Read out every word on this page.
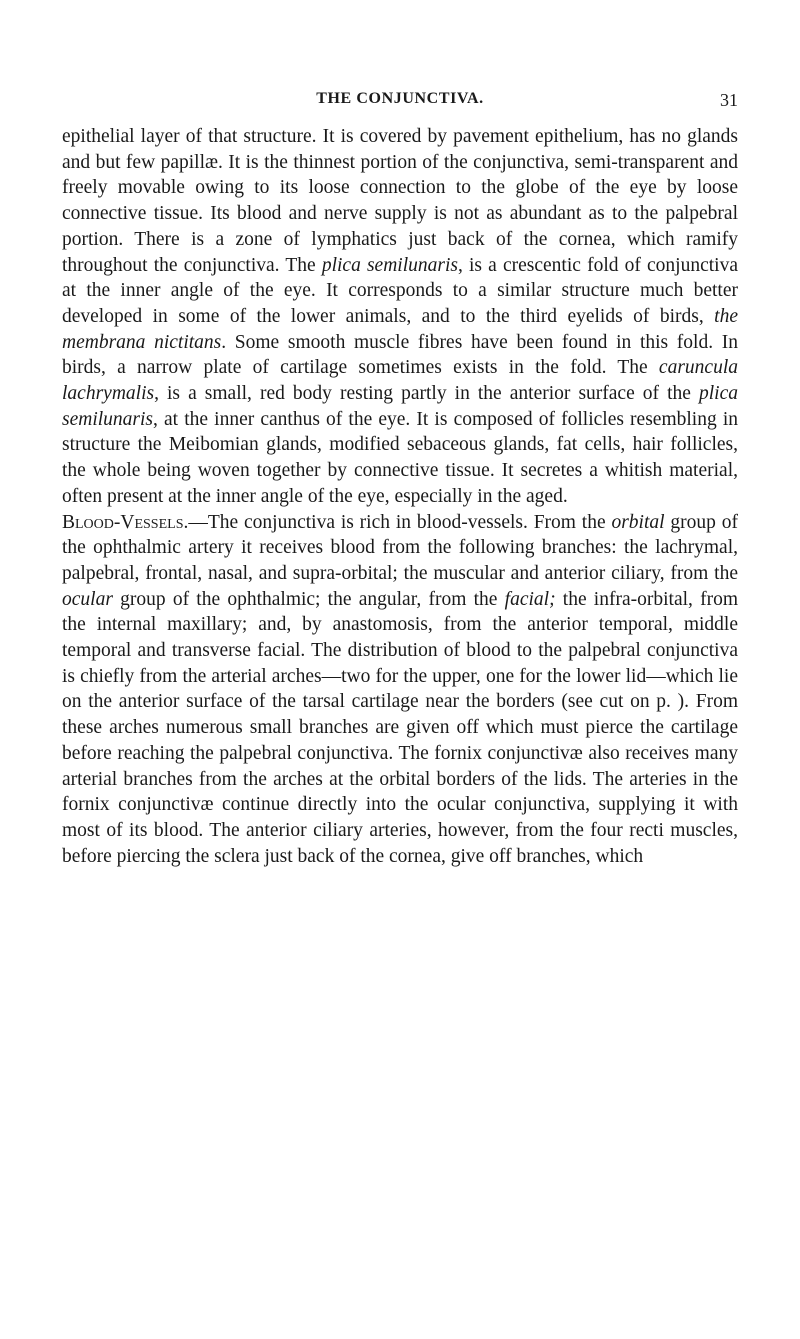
THE CONJUNCTIVA.	31

epithelial layer of that structure. It is covered by pavement epithelium, has no glands and but few papillæ. It is the thinnest portion of the conjunctiva, semi-transparent and freely movable owing to its loose connection to the globe of the eye by loose connective tissue. Its blood and nerve supply is not as abundant as to the palpebral portion. There is a zone of lymphatics just back of the cornea, which ramify throughout the conjunctiva. The plica semilunaris, is a crescentic fold of conjunctiva at the inner angle of the eye. It corresponds to a similar structure much better developed in some of the lower animals, and to the third eyelids of birds, the membrana nictitans. Some smooth muscle fibres have been found in this fold. In birds, a narrow plate of cartilage sometimes exists in the fold. The caruncula lachrymalis, is a small, red body resting partly in the anterior surface of the plica semilunaris, at the inner canthus of the eye. It is composed of follicles resembling in structure the Meibomian glands, modified sebaceous glands, fat cells, hair follicles, the whole being woven together by connective tissue. It secretes a whitish material, often present at the inner angle of the eye, especially in the aged.

Blood-Vessels.—The conjunctiva is rich in blood-vessels. From the orbital group of the ophthalmic artery it receives blood from the following branches: the lachrymal, palpebral, frontal, nasal, and supra-orbital; the muscular and anterior ciliary, from the ocular group of the ophthalmic; the angular, from the facial; the infra-orbital, from the internal maxillary; and, by anastomosis, from the anterior temporal, middle temporal and transverse facial. The distribution of blood to the palpebral conjunctiva is chiefly from the arterial arches—two for the upper, one for the lower lid—which lie on the anterior surface of the tarsal cartilage near the borders (see cut on p. ). From these arches numerous small branches are given off which must pierce the cartilage before reaching the palpebral conjunctiva. The fornix conjunctivæ also receives many arterial branches from the arches at the orbital borders of the lids. The arteries in the fornix conjunctivæ continue directly into the ocular conjunctiva, supplying it with most of its blood. The anterior ciliary arteries, however, from the four recti muscles, before piercing the sclera just back of the cornea, give off branches, which
